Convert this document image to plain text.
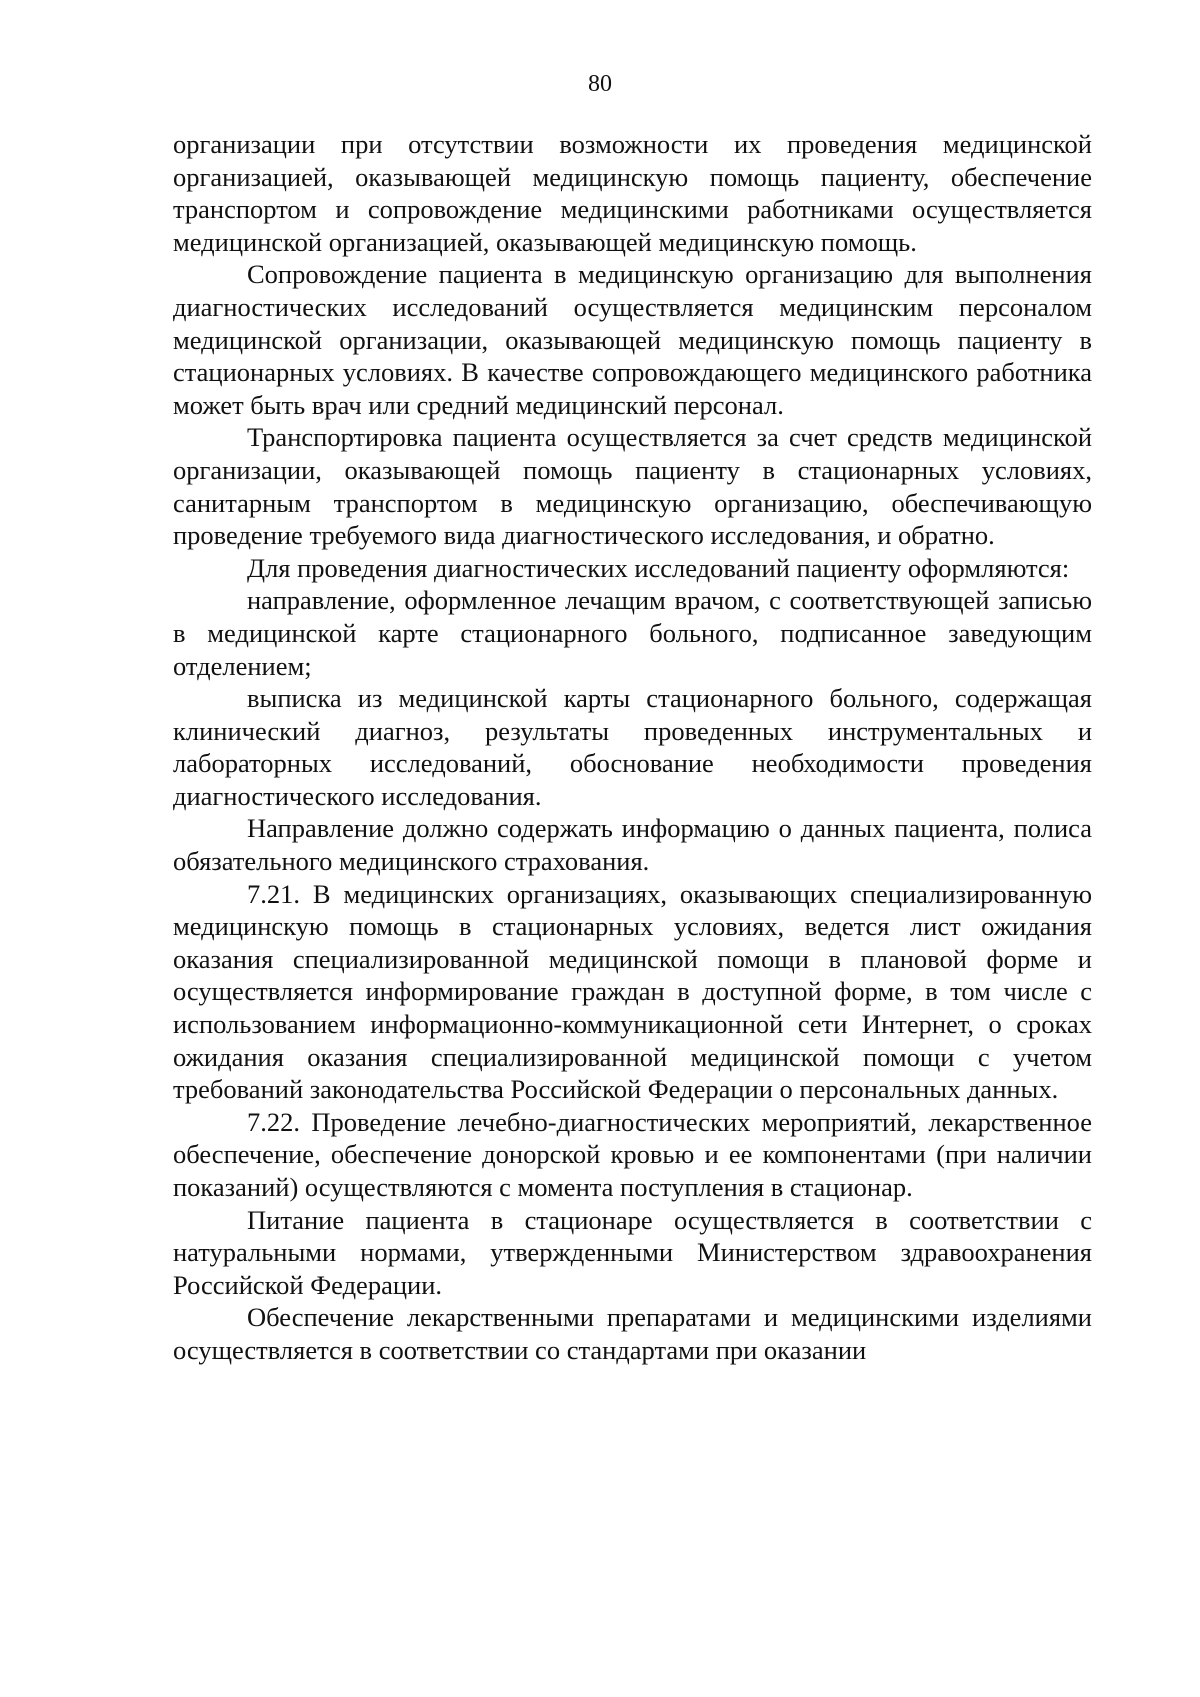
80

организации при отсутствии возможности их проведения медицинской организацией, оказывающей медицинскую помощь пациенту, обеспечение транспортом и сопровождение медицинскими работниками осуществляется медицинской организацией, оказывающей медицинскую помощь.

Сопровождение пациента в медицинскую организацию для выполнения диагностических исследований осуществляется медицинским персоналом медицинской организации, оказывающей медицинскую помощь пациенту в стационарных условиях. В качестве сопровождающего медицинского работника может быть врач или средний медицинский персонал.

Транспортировка пациента осуществляется за счет средств медицинской организации, оказывающей помощь пациенту в стационарных условиях, санитарным транспортом в медицинскую организацию, обеспечивающую проведение требуемого вида диагностического исследования, и обратно.

Для проведения диагностических исследований пациенту оформляются:

направление, оформленное лечащим врачом, с соответствующей записью в медицинской карте стационарного больного, подписанное заведующим отделением;

выписка из медицинской карты стационарного больного, содержащая клинический диагноз, результаты проведенных инструментальных и лабораторных исследований, обоснование необходимости проведения диагностического исследования.

Направление должно содержать информацию о данных пациента, полиса обязательного медицинского страхования.

7.21. В медицинских организациях, оказывающих специализированную медицинскую помощь в стационарных условиях, ведется лист ожидания оказания специализированной медицинской помощи в плановой форме и осуществляется информирование граждан в доступной форме, в том числе с использованием информационно-коммуникационной сети Интернет, о сроках ожидания оказания специализированной медицинской помощи с учетом требований законодательства Российской Федерации о персональных данных.

7.22. Проведение лечебно-диагностических мероприятий, лекарственное обеспечение, обеспечение донорской кровью и ее компонентами (при наличии показаний) осуществляются с момента поступления в стационар.

Питание пациента в стационаре осуществляется в соответствии с натуральными нормами, утвержденными Министерством здравоохранения Российской Федерации.

Обеспечение лекарственными препаратами и медицинскими изделиями осуществляется в соответствии со стандартами при оказании
